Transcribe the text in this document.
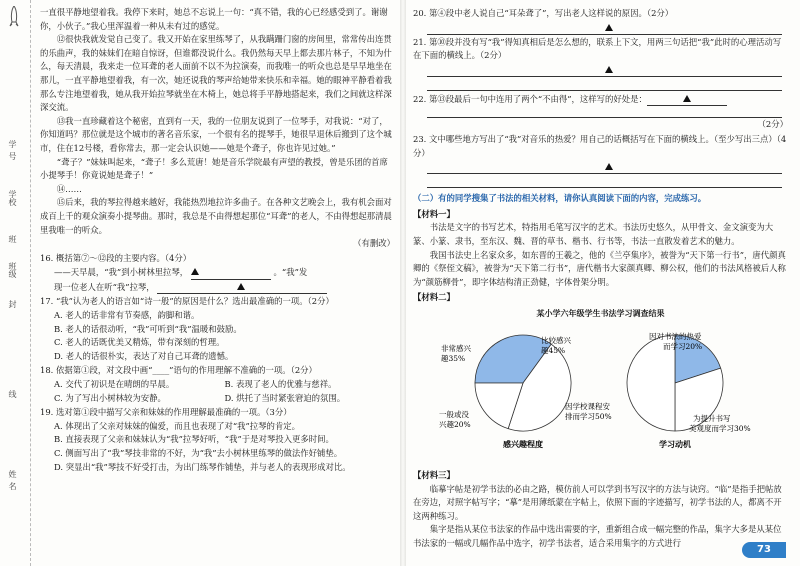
学
号
学校
班
班级
封
线
姓
名

一直很平静地望着我。我停下来时，她总不忘说上一句：“真不错，我的心已经感受到了。谢谢你，小伙子。”我心里浑温着一种从未有过的感觉。

⑫很快我就发觉自己变了。我又开始在家里练琴了，从我蹒跚门窗的房间里，常常传出连贯的乐曲声，我的妹妹们在暗自惊讶，但谁都没说什么。我仍然每天早上都去那片林子，不知为什么，每天清晨，我来走一位耳聋的老人面前不以不为拉演奏，而我唯一的听众也总是早早地坐在那儿，一直平静地望着我，有一次，她还说我的琴声给她带来快乐和幸福。她的眼神平静看着我那么专注地望着我，她从我开始拉琴就坐在木椅上，她总将手平静地搭起来，我们之间就这样深深交流。

⑬我一直珍藏着这个秘密，直到有一天，我的一位朋友说到了一位琴手，对我说：“对了，你知道吗？那位就是这个城市的著名音乐家，一个很有名的提琴手，她很早退休后搬到了这个城市，住在12号楼，看你常去，那一定会认识她——她是个聋子，你也许见过她。”

“聋子？”妹妹叫起来，“聋子！多么荒唐！她是音乐学院最有声望的教授，曾是乐团的首席小提琴手！你竟说她是聋子！”

⑭……

⑮后来，我的琴拉得越来越好，我能热烈地拉许多曲子。在各种文艺晚会上，我有机会面对成百上千的观众演奏小提琴曲。那时，我总是不由得想起那位“耳聋”的老人，不由得想起那清晨里我唯一的听众。

（有删改）

16. 概括第⑦～⑫段的主要内容。（4分）

——天早晨，“我”到小树林里拉琴，	。“我”发

现一位老人在听“我”拉琴，

17. “我”认为老人的语言如“诗一般”的原因是什么？选出最准确的一项。（2分）

A. 老人的话非常有节奏感，韵脚和谐。

B. 老人的话很动听，“我”可听到“我”温暖和鼓励。

C. 老人的话既优美又精炼，带有深刻的哲理。

D. 老人的话很朴实，表达了对自己耳聋的遗憾。

18. 依据第①段，对文段中画“____”语句的作用理解不准确的一项。（2分）

A. 交代了初识是在晴朗的早晨。	B. 表现了老人的优雅与慈祥。
C. 为了写出小树林较为安静。	D. 烘托了当时紧张窘迫的氛围。

19. 选对第①段中描写父亲和妹妹的作用理解最准确的一项。（3分）

A. 体现出了父亲对妹妹的偏爱，而且也表现了对“我”拉琴的肯定。

B. 直接表现了父亲和妹妹认为“我”拉琴好听，“我”于是对琴投入更多时间。

C. 侧面写出了“我”琴技非常的不好，为“我”去小树林里练琴的做法作好铺垫。

D. 突显出“我”琴技不好受打击，为出门练琴作铺垫，并与老人的表现形成对比。

20. 第④段中老人说自己“耳朵聋了”，写出老人这样说的原因。（2分）

21. 第⑩段并没有写“我”得知真相后是怎么想的，联系上下文，用两三句话把“我”此时的心理活动写在下面的横线上。（2分）

22. 第⑬段最后一句中连用了两个“不由得”，这样写的好处是：

（2分）

23. 文中哪些地方写出了“我”对音乐的热爱？用自己的话概括写在下面的横线上。（至少写出三点）（4分）

（二）有的同学搜集了书法的相关材料，请你认真阅读下面的内容，完成练习。

【材料一】

书法是文字的书写艺术，特指用毛笔写汉字的艺术。书法历史悠久，从甲骨文、金文演变为大篆、小篆、隶书，至东汉、魏、晋的草书、楷书、行书等，书法一直散发着艺术的魅力。

我国书法史上名家众多，如东晋的王羲之，他的《兰亭集序》，被誉为“天下第一行书”，唐代颜真卿的《祭侄文稿》，被誉为“天下第二行书”，唐代楷书大家颜真卿、柳公权，他们的书法风格被后人称为“颜筋柳骨”，即字体结构清正劲健，字体骨架分明。

【材料二】

某小学六年级学生书法学习调查结果

非常感兴
趣35%
比较感兴
趣45%
一般或没
兴趣20%
感兴趣程度
因对书法的热爱
而学习20%
因学校课程安
排而学习50%	为提升书写
美观度而学习30%
学习动机

【材料三】

临摹字帖是初学书法的必由之路，模仿前人可以学到书写汉字的方法与诀窍。“临”是指手把帖放在旁边，对照字帖写字；“摹”是用薄纸蒙在字帖上，依照下面的字迹描写，初学书法的人，都离不开这两种练习。

集字是指从某位书法家的作品中选出需要的字，重新组合成一幅完整的作品，集字大多是从某位书法家的一幅或几幅作品中选字，初学书法者，适合采用集字的方式进行

73
